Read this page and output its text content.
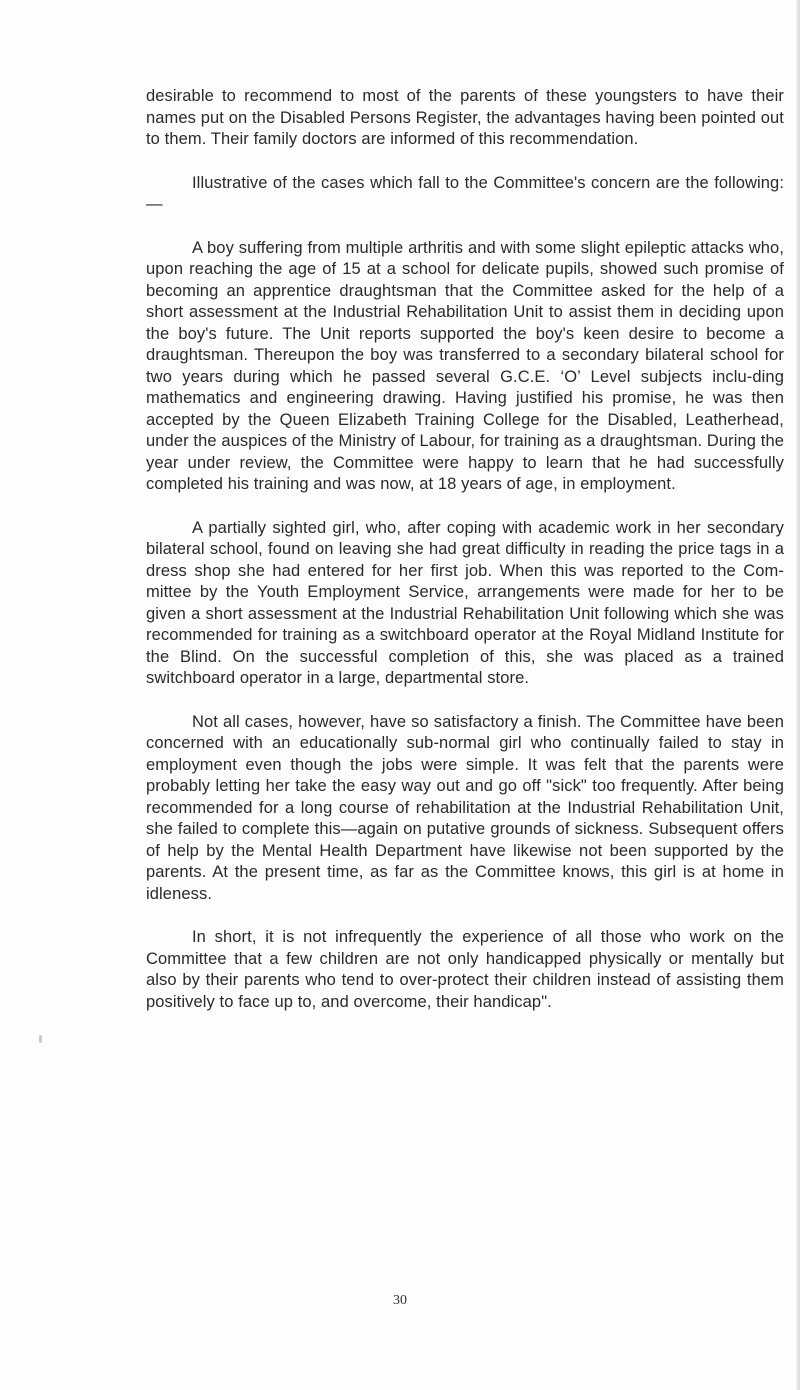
desirable to recommend to most of the parents of these youngsters to have their names put on the Disabled Persons Register, the advantages having been pointed out to them. Their family doctors are informed of this recommendation.

Illustrative of the cases which fall to the Committee's concern are the following:—

A boy suffering from multiple arthritis and with some slight epileptic attacks who, upon reaching the age of 15 at a school for delicate pupils, showed such promise of becoming an apprentice draughtsman that the Committee asked for the help of a short assessment at the Industrial Rehabilitation Unit to assist them in deciding upon the boy's future. The Unit reports supported the boy's keen desire to become a draughtsman. Thereupon the boy was transferred to a secondary bilateral school for two years during which he passed several G.C.E. ‘O’ Level subjects inclu-ding mathematics and engineering drawing. Having justified his promise, he was then accepted by the Queen Elizabeth Training College for the Disabled, Leatherhead, under the auspices of the Ministry of Labour, for training as a draughtsman. During the year under review, the Committee were happy to learn that he had successfully completed his training and was now, at 18 years of age, in employment.

A partially sighted girl, who, after coping with academic work in her secondary bilateral school, found on leaving she had great difficulty in reading the price tags in a dress shop she had entered for her first job. When this was reported to the Com-mittee by the Youth Employment Service, arrangements were made for her to be given a short assessment at the Industrial Rehabilitation Unit following which she was recommended for training as a switchboard operator at the Royal Midland Institute for the Blind. On the successful completion of this, she was placed as a trained switchboard operator in a large, departmental store.

Not all cases, however, have so satisfactory a finish. The Committee have been concerned with an educationally sub-normal girl who continually failed to stay in employment even though the jobs were simple. It was felt that the parents were probably letting her take the easy way out and go off "sick" too frequently. After being recommended for a long course of rehabilitation at the Industrial Rehabilitation Unit, she failed to complete this—again on putative grounds of sickness. Subsequent offers of help by the Mental Health Department have likewise not been supported by the parents. At the present time, as far as the Committee knows, this girl is at home in idleness.

In short, it is not infrequently the experience of all those who work on the Committee that a few children are not only handicapped physically or mentally but also by their parents who tend to over-protect their children instead of assisting them positively to face up to, and overcome, their handicap".

30
